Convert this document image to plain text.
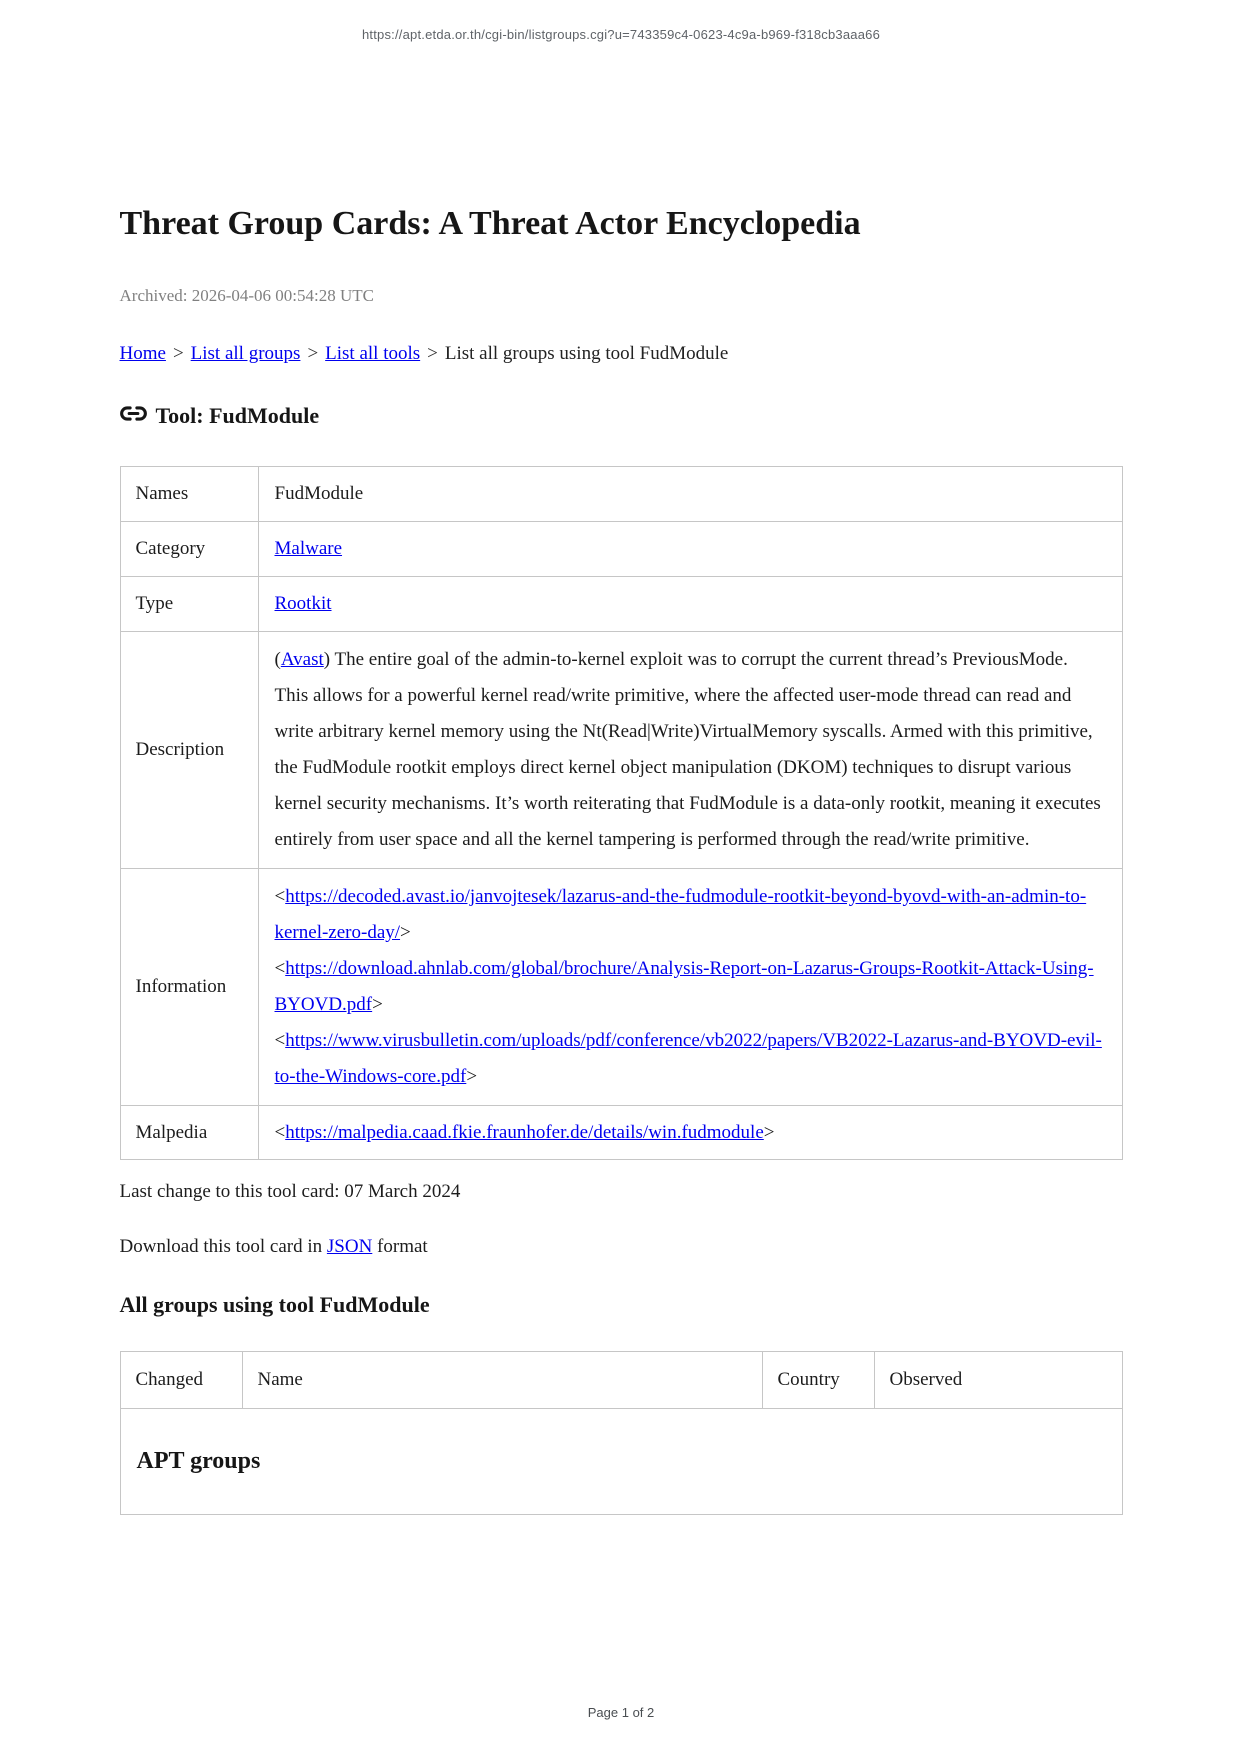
https://apt.etda.or.th/cgi-bin/listgroups.cgi?u=743359c4-0623-4c9a-b969-f318cb3aaa66
Threat Group Cards: A Threat Actor Encyclopedia
Archived: 2026-04-06 00:54:28 UTC
Home > List all groups > List all tools > List all groups using tool FudModule
Tool: FudModule
Names	FudModule
Category	Malware
Type	Rootkit
Description	(Avast) The entire goal of the admin-to-kernel exploit was to corrupt the current thread’s PreviousMode. This allows for a powerful kernel read/write primitive, where the affected user-mode thread can read and write arbitrary kernel memory using the Nt(Read|Write)VirtualMemory syscalls. Armed with this primitive, the FudModule rootkit employs direct kernel object manipulation (DKOM) techniques to disrupt various kernel security mechanisms. It’s worth reiterating that FudModule is a data-only rootkit, meaning it executes entirely from user space and all the kernel tampering is performed through the read/write primitive.
Information	<https://decoded.avast.io/janvojtesek/lazarus-and-the-fudmodule-rootkit-beyond-byovd-with-an-admin-to-kernel-zero-day/>
<https://download.ahnlab.com/global/brochure/Analysis-Report-on-Lazarus-Groups-Rootkit-Attack-Using-BYOVD.pdf>
<https://www.virusbulletin.com/uploads/pdf/conference/vb2022/papers/VB2022-Lazarus-and-BYOVD-evil-to-the-Windows-core.pdf>

Malpedia	<https://malpedia.caad.fkie.fraunhofer.de/details/win.fudmodule>
Last change to this tool card: 07 March 2024
Download this tool card in JSON format
All groups using tool FudModule
Changed	Name	Country	Observed
APT groups
Page 1 of 2
